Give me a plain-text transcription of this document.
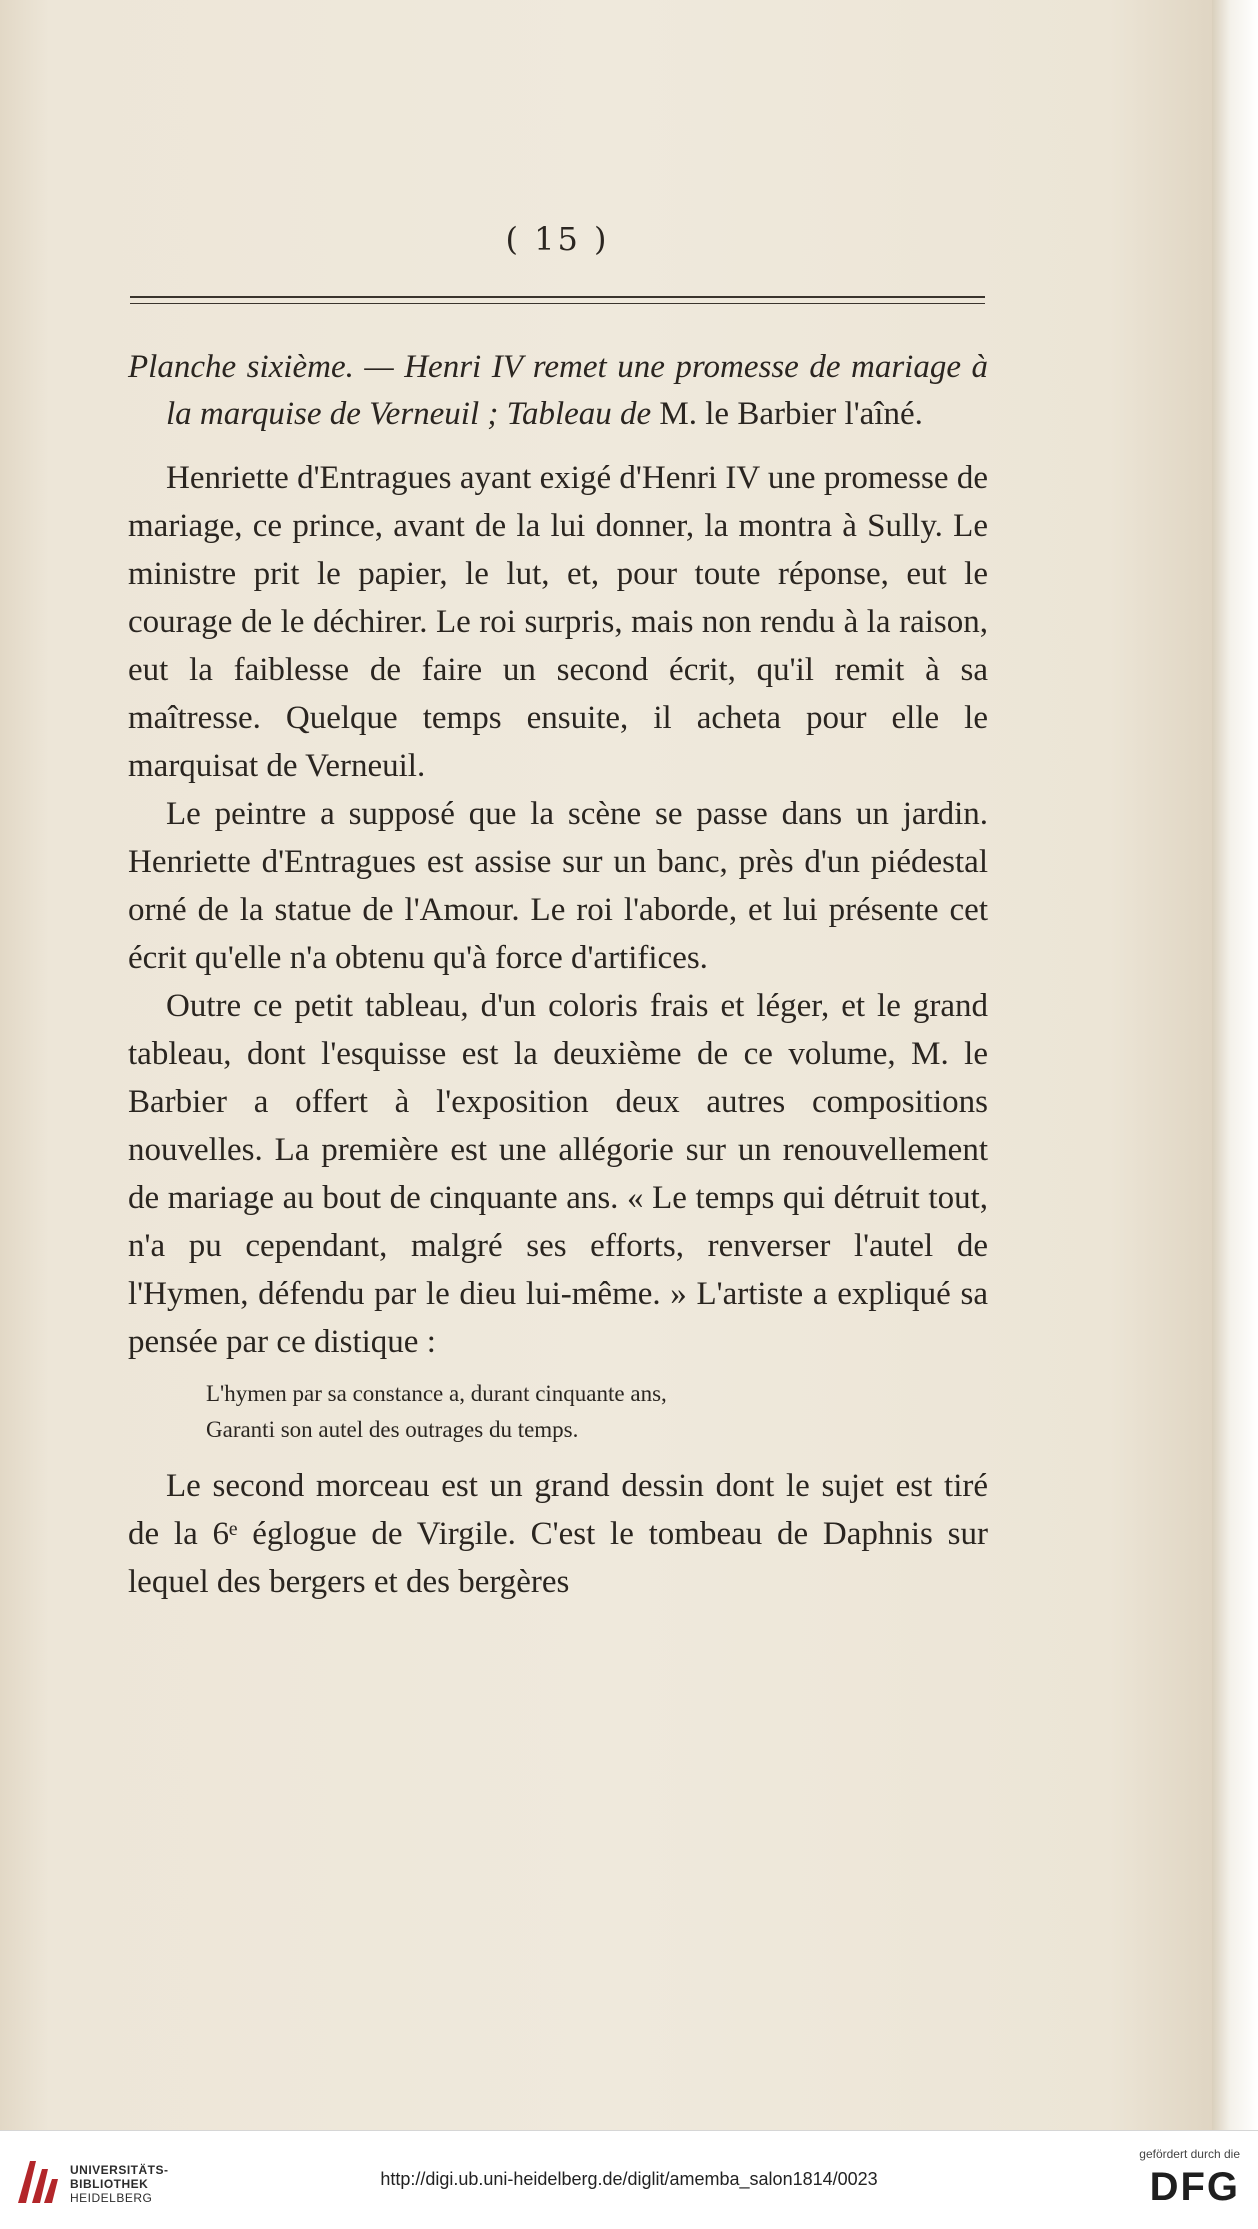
( 15 )

Planche sixième. — Henri IV remet une promesse de mariage à la marquise de Verneuil ; Tableau de M. le Barbier l'aîné.

Henriette d'Entragues ayant exigé d'Henri IV une promesse de mariage, ce prince, avant de la lui donner, la montra à Sully. Le ministre prit le papier, le lut, et, pour toute réponse, eut le courage de le déchirer. Le roi surpris, mais non rendu à la raison, eut la faiblesse de faire un second écrit, qu'il remit à sa maîtresse. Quelque temps ensuite, il acheta pour elle le marquisat de Verneuil.

Le peintre a supposé que la scène se passe dans un jardin. Henriette d'Entragues est assise sur un banc, près d'un piédestal orné de la statue de l'Amour. Le roi l'aborde, et lui présente cet écrit qu'elle n'a obtenu qu'à force d'artifices.

Outre ce petit tableau, d'un coloris frais et léger, et le grand tableau, dont l'esquisse est la deuxième de ce volume, M. le Barbier a offert à l'exposition deux autres compositions nouvelles. La première est une allégorie sur un renouvellement de mariage au bout de cinquante ans. « Le temps qui détruit tout, n'a pu cependant, malgré ses efforts, renverser l'autel de l'Hymen, défendu par le dieu lui-même. » L'artiste a expliqué sa pensée par ce distique :

L'hymen par sa constance a, durant cinquante ans,
Garanti son autel des outrages du temps.

Le second morceau est un grand dessin dont le sujet est tiré de la 6ᵉ églogue de Virgile. C'est le tombeau de Daphnis sur lequel des bergers et des bergères

UNIVERSITÄTS-
BIBLIOTHEK
HEIDELBERG
http://digi.ub.uni-heidelberg.de/diglit/amemba_salon1814/0023
gefördert durch die
DFG
